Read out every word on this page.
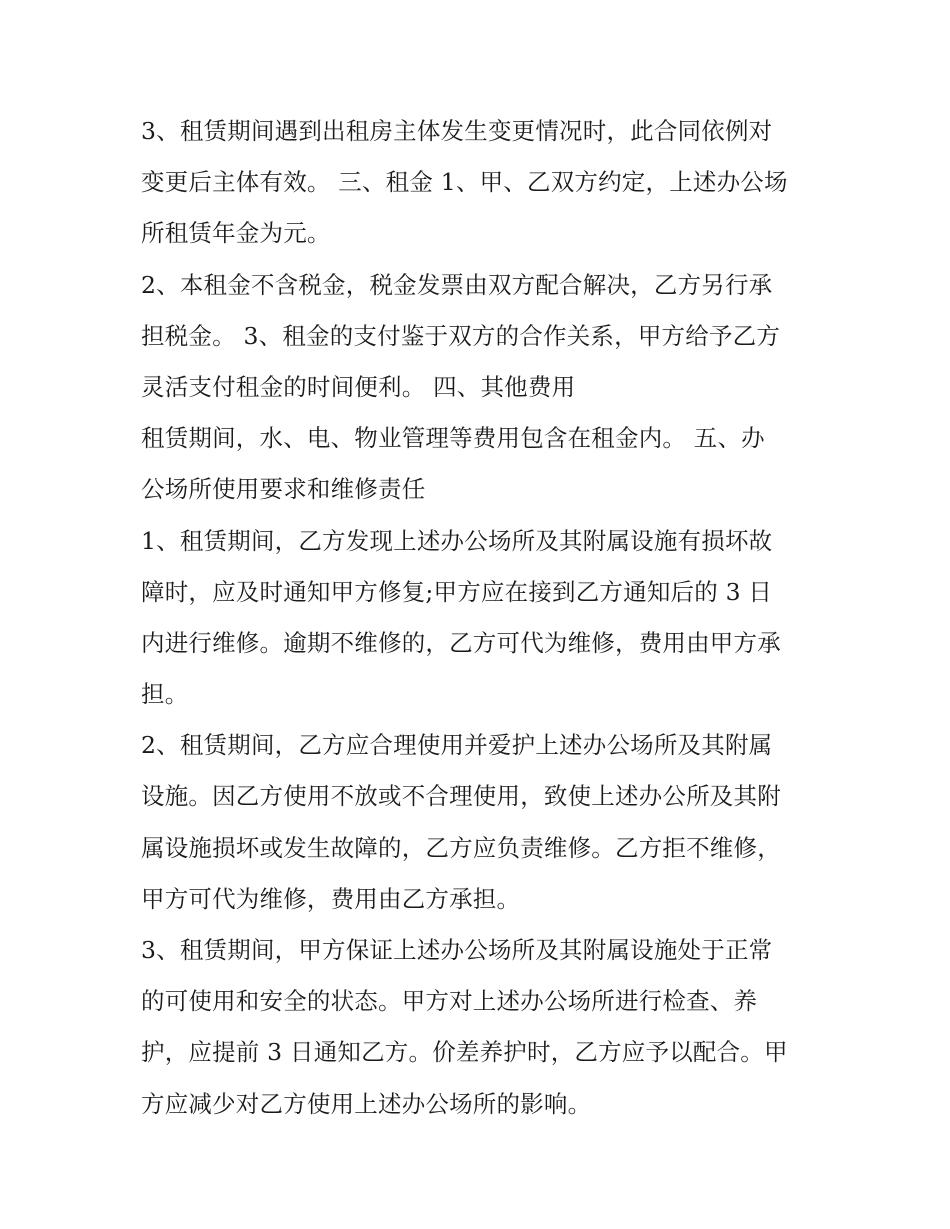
3、租赁期间遇到出租房主体发生变更情况时，此合同依例对
变更后主体有效。 三、租金 1、甲、乙双方约定，上述办公场
所租赁年金为元。
2、本租金不含税金，税金发票由双方配合解决，乙方另行承
担税金。 3、租金的支付鉴于双方的合作关系，甲方给予乙方
灵活支付租金的时间便利。 四、其他费用
租赁期间，水、电、物业管理等费用包含在租金内。 五、办
公场所使用要求和维修责任
1、租赁期间，乙方发现上述办公场所及其附属设施有损坏故
障时，应及时通知甲方修复;甲方应在接到乙方通知后的 3 日
内进行维修。逾期不维修的，乙方可代为维修，费用由甲方承
担。
2、租赁期间，乙方应合理使用并爱护上述办公场所及其附属
设施。因乙方使用不放或不合理使用，致使上述办公所及其附
属设施损坏或发生故障的，乙方应负责维修。乙方拒不维修，
甲方可代为维修，费用由乙方承担。
3、租赁期间，甲方保证上述办公场所及其附属设施处于正常
的可使用和安全的状态。甲方对上述办公场所进行检查、养
护，应提前 3 日通知乙方。价差养护时，乙方应予以配合。甲
方应减少对乙方使用上述办公场所的影响。
